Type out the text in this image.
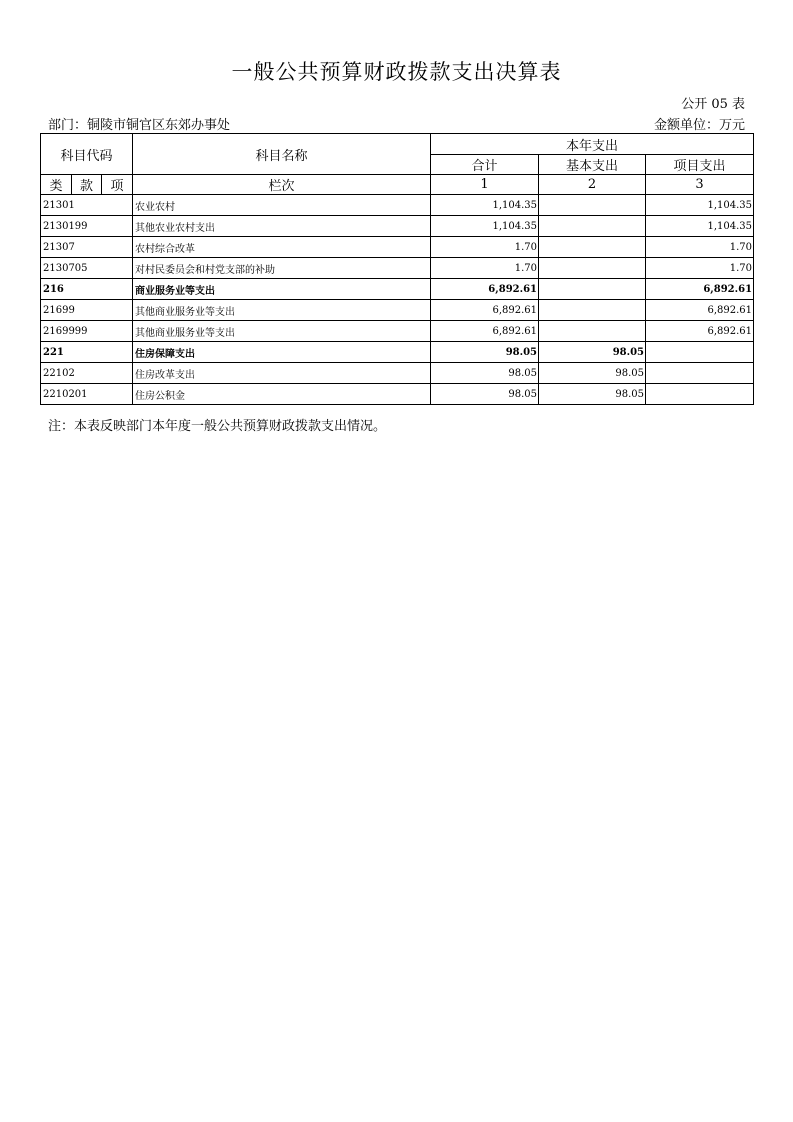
一般公共预算财政拨款支出决算表
公开 05 表
部门：铜陵市铜官区东郊办事处	金额单位：万元
科目代码			科目名称	本年支出		
				合计	基本支出	项目支出
类	款	项	栏次	1	2	3
21301			农业农村	1,104.35		1,104.35
2130199			其他农业农村支出	1,104.35		1,104.35
21307			农村综合改革	1.70		1.70
2130705			对村民委员会和村党支部的补助	1.70		1.70
216			商业服务业等支出	6,892.61		6,892.61
21699			其他商业服务业等支出	6,892.61		6,892.61
2169999			其他商业服务业等支出	6,892.61		6,892.61
221			住房保障支出	98.05	98.05	
22102			住房改革支出	98.05	98.05	
2210201			住房公积金	98.05	98.05	
注：本表反映部门本年度一般公共预算财政拨款支出情况。
